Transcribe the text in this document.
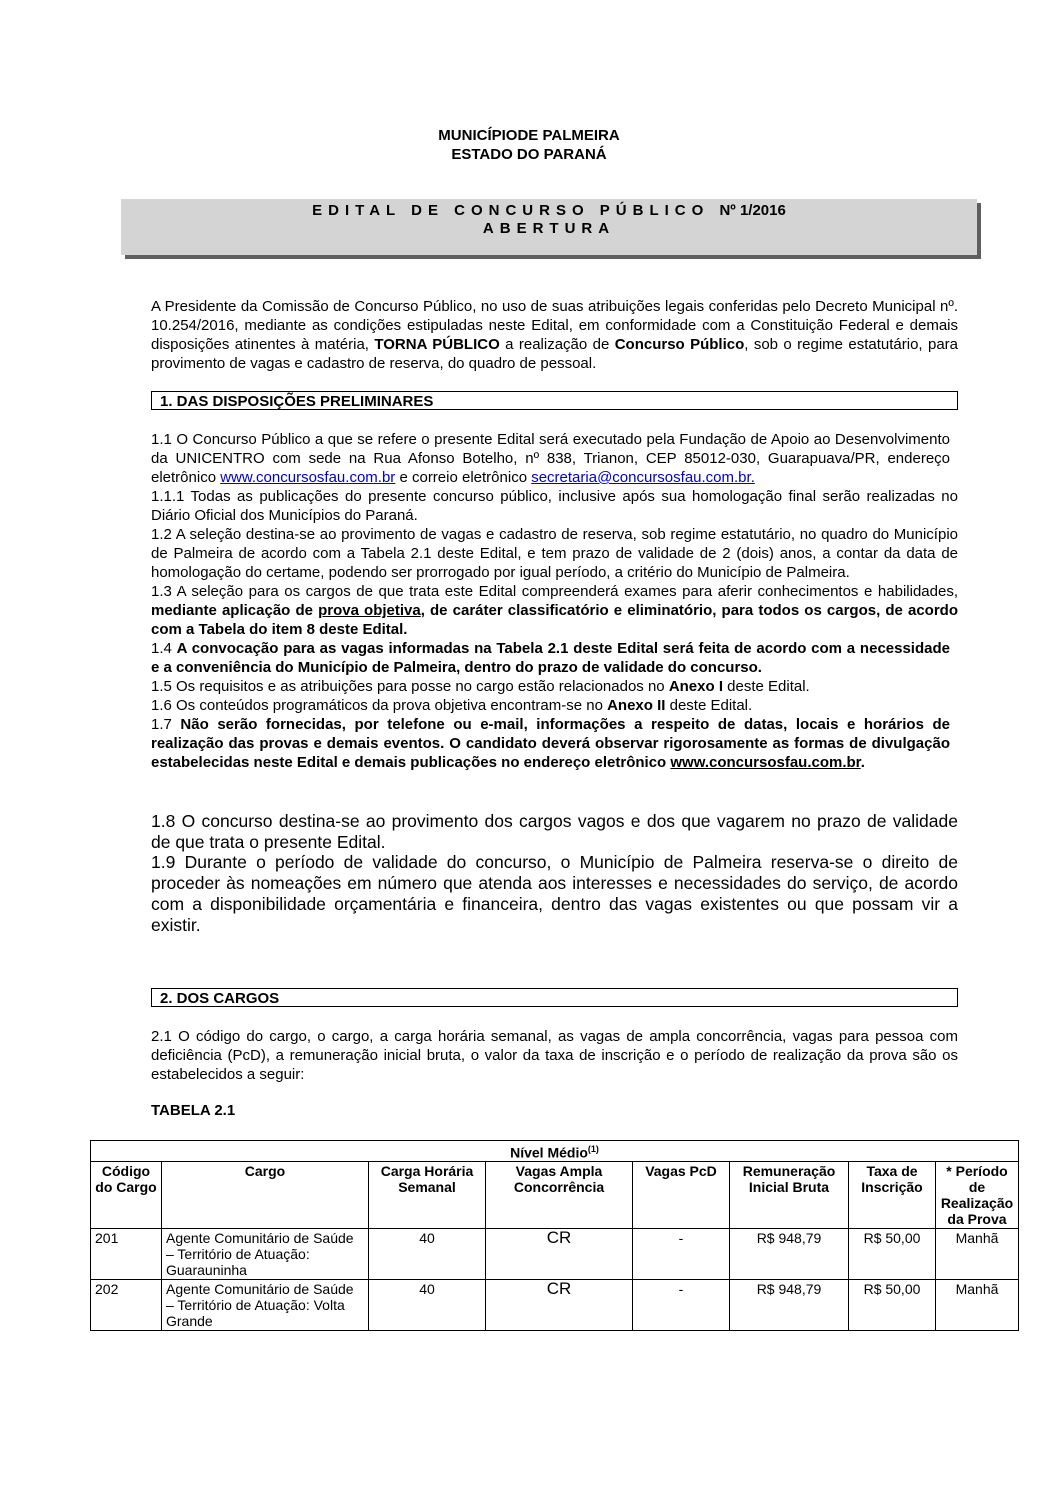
MUNICÍPIODE PALMEIRA
ESTADO DO PARANÁ
EDITAL DE CONCURSO PÚBLICO Nº 1/2016
ABERTURA
A Presidente da Comissão de Concurso Público, no uso de suas atribuições legais conferidas pelo Decreto Municipal nº. 10.254/2016, mediante as condições estipuladas neste Edital, em conformidade com a Constituição Federal e demais disposições atinentes à matéria, TORNA PÚBLICO a realização de Concurso Público, sob o regime estatutário, para provimento de vagas e cadastro de reserva, do quadro de pessoal.
1. DAS DISPOSIÇÕES PRELIMINARES
1.1 O Concurso Público a que se refere o presente Edital será executado pela Fundação de Apoio ao Desenvolvimento da UNICENTRO com sede na Rua Afonso Botelho, nº 838, Trianon, CEP 85012-030, Guarapuava/PR, endereço eletrônico www.concursosfau.com.br e correio eletrônico secretaria@concursosfau.com.br.
1.1.1 Todas as publicações do presente concurso público, inclusive após sua homologação final serão realizadas no Diário Oficial dos Municípios do Paraná.
1.2 A seleção destina-se ao provimento de vagas e cadastro de reserva, sob regime estatutário, no quadro do Município de Palmeira de acordo com a Tabela 2.1 deste Edital, e tem prazo de validade de 2 (dois) anos, a contar da data de homologação do certame, podendo ser prorrogado por igual período, a critério do Município de Palmeira.
1.3 A seleção para os cargos de que trata este Edital compreenderá exames para aferir conhecimentos e habilidades, mediante aplicação de prova objetiva, de caráter classificatório e eliminatório, para todos os cargos, de acordo com a Tabela do item 8 deste Edital.
1.4 A convocação para as vagas informadas na Tabela 2.1 deste Edital será feita de acordo com a necessidade e a conveniência do Município de Palmeira, dentro do prazo de validade do concurso.
1.5 Os requisitos e as atribuições para posse no cargo estão relacionados no Anexo I deste Edital.
1.6 Os conteúdos programáticos da prova objetiva encontram-se no Anexo II deste Edital.
1.7 Não serão fornecidas, por telefone ou e-mail, informações a respeito de datas, locais e horários de realização das provas e demais eventos. O candidato deverá observar rigorosamente as formas de divulgação estabelecidas neste Edital e demais publicações no endereço eletrônico www.concursosfau.com.br.
1.8 O concurso destina-se ao provimento dos cargos vagos e dos que vagarem no prazo de validade de que trata o presente Edital.
1.9 Durante o período de validade do concurso, o Município de Palmeira reserva-se o direito de proceder às nomeações em número que atenda aos interesses e necessidades do serviço, de acordo com a disponibilidade orçamentária e financeira, dentro das vagas existentes ou que possam vir a existir.
2. DOS CARGOS
2.1 O código do cargo, o cargo, a carga horária semanal, as vagas de ampla concorrência, vagas para pessoa com deficiência (PcD), a remuneração inicial bruta, o valor da taxa de inscrição e o período de realização da prova são os estabelecidos a seguir:
TABELA 2.1
Nível Médio$^{(1)}$
Código do Cargo	Cargo	Carga Horária Semanal	Vagas Ampla Concorrência	Vagas PcD	Remuneração Inicial Bruta	Taxa de Inscrição	* Período de Realização da Prova
201	Agente Comunitário de Saúde – Território de Atuação: Guarauninha	40	CR	-	R$ 948,79	R$ 50,00	Manhã
202	Agente Comunitário de Saúde – Território de Atuação: Volta Grande	40	CR	-	R$ 948,79	R$ 50,00	Manhã
